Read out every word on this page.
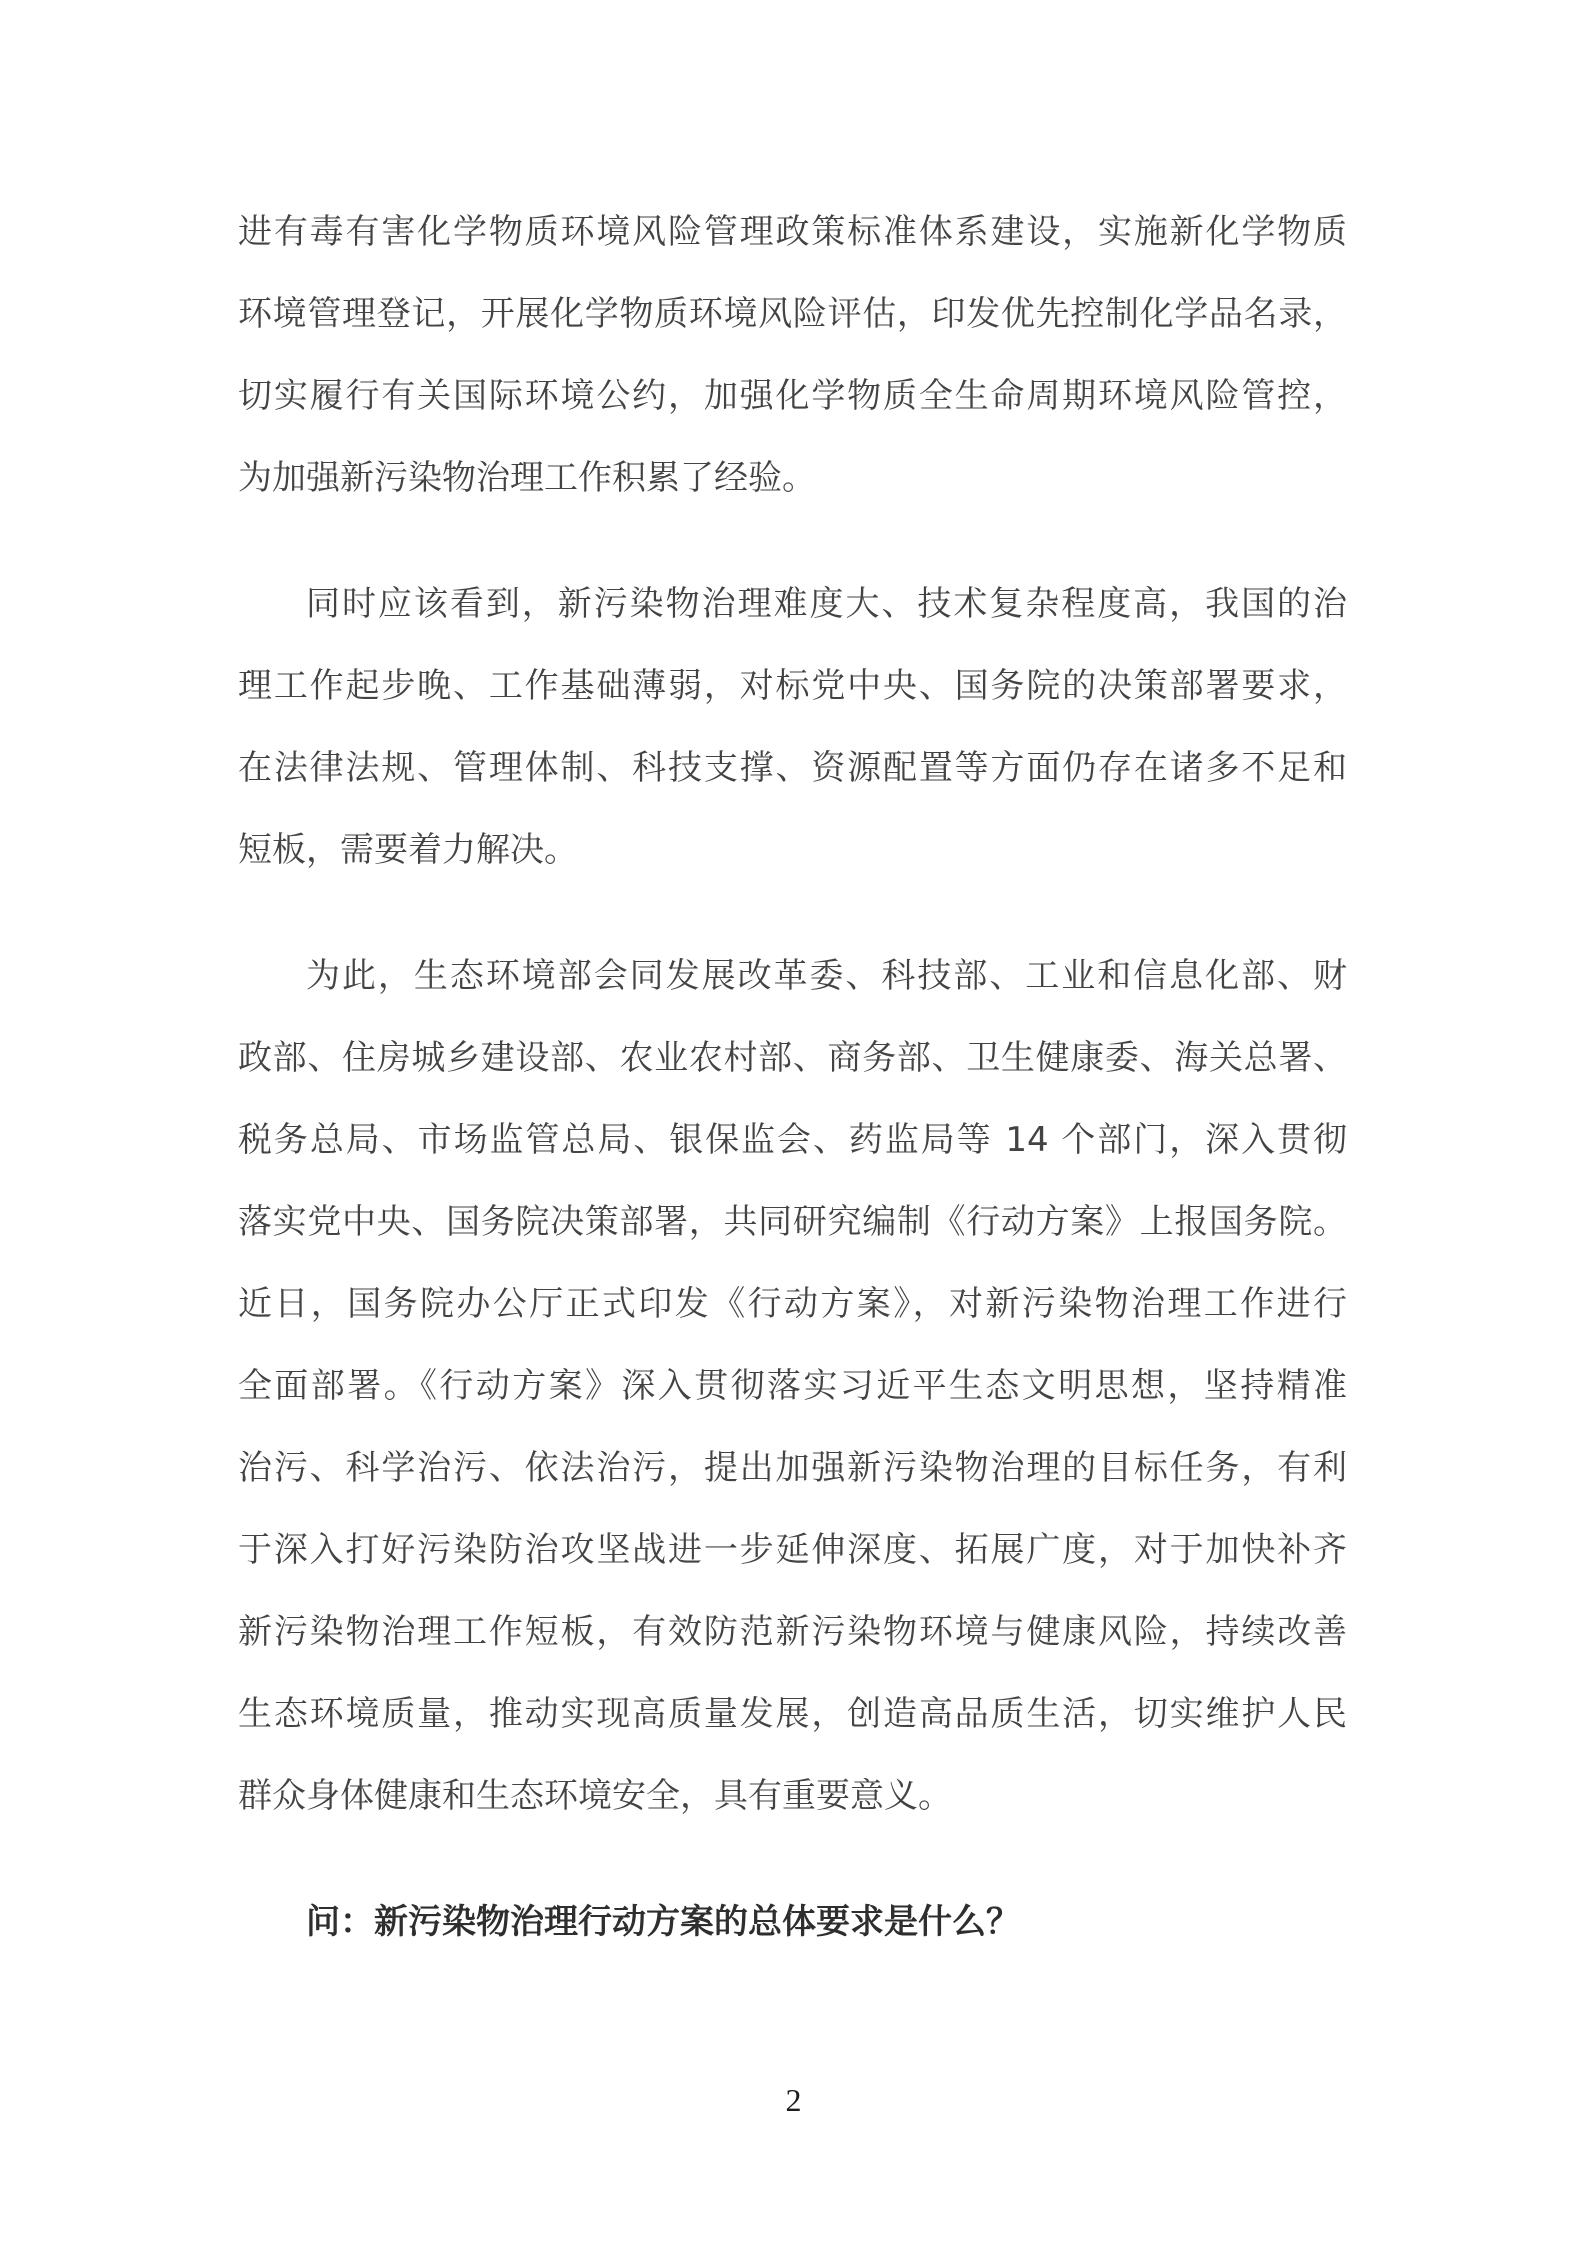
进有毒有害化学物质环境风险管理政策标准体系建设，实施新化学物质
环境管理登记，开展化学物质环境风险评估，印发优先控制化学品名录，
切实履行有关国际环境公约，加强化学物质全生命周期环境风险管控，
为加强新污染物治理工作积累了经验。
同时应该看到，新污染物治理难度大、技术复杂程度高，我国的治
理工作起步晚、工作基础薄弱，对标党中央、国务院的决策部署要求，
在法律法规、管理体制、科技支撑、资源配置等方面仍存在诸多不足和
短板，需要着力解决。
为此，生态环境部会同发展改革委、科技部、工业和信息化部、财
政部、住房城乡建设部、农业农村部、商务部、卫生健康委、海关总署、
税务总局、市场监管总局、银保监会、药监局等 14 个部门，深入贯彻
落实党中央、国务院决策部署，共同研究编制《行动方案》上报国务院。
近日，国务院办公厅正式印发《行动方案》，对新污染物治理工作进行
全面部署。《行动方案》深入贯彻落实习近平生态文明思想，坚持精准
治污、科学治污、依法治污，提出加强新污染物治理的目标任务，有利
于深入打好污染防治攻坚战进一步延伸深度、拓展广度，对于加快补齐
新污染物治理工作短板，有效防范新污染物环境与健康风险，持续改善
生态环境质量，推动实现高质量发展，创造高品质生活，切实维护人民
群众身体健康和生态环境安全，具有重要意义。
问：新污染物治理行动方案的总体要求是什么？
2
